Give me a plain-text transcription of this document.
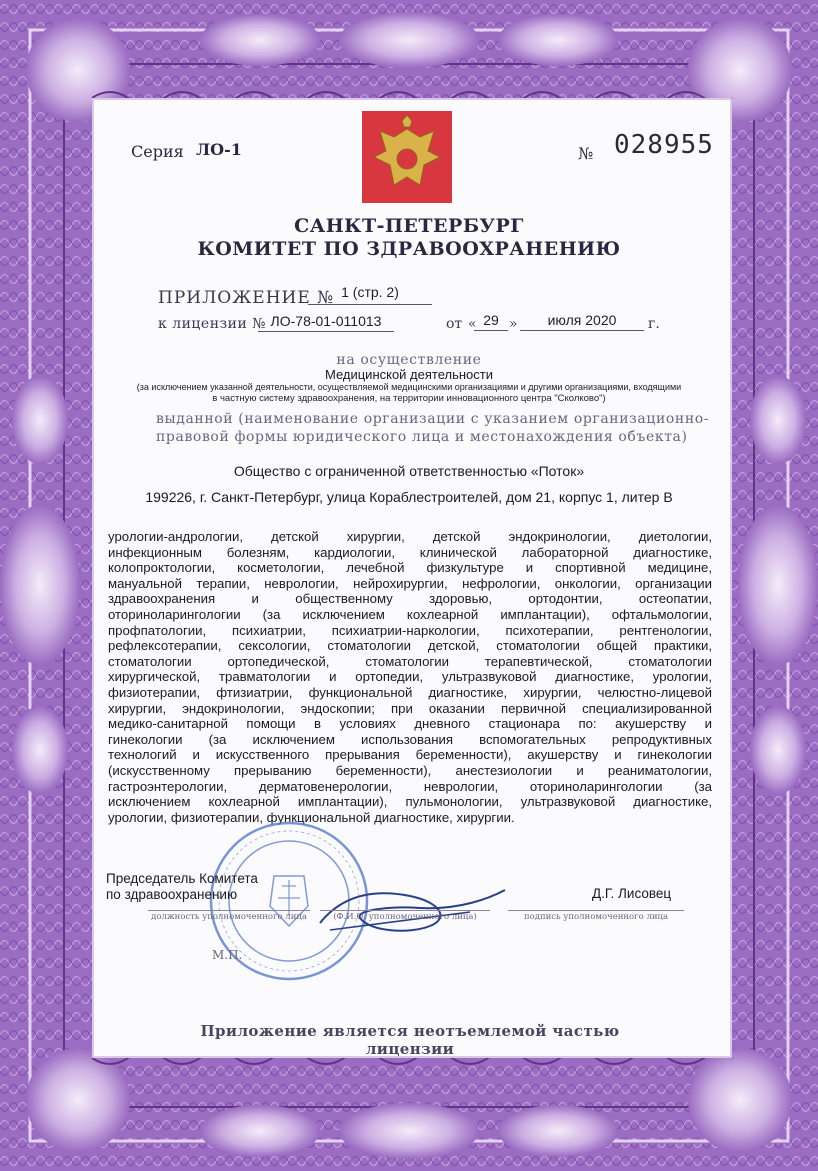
Серия ЛО-1	№ 028955
САНКТ-ПЕТЕРБУРГ
КОМИТЕТ ПО ЗДРАВООХРАНЕНИЮ
ПРИЛОЖЕНИЕ № 1 (стр. 2)
к лицензии № ЛО-78-01-011013	от « 29 »	июля 2020	г.
на осуществление
Медицинской деятельности
(за исключением указанной деятельности, осуществляемой медицинскими организациями и другими организациями, входящими
в частную систему здравоохранения, на территории инновационного центра "Сколково")
выданной (наименование организации с указанием организационно-
правовой формы юридического лица и местонахождения объекта)
Общество с ограниченной ответственностью «Поток»
199226, г. Санкт-Петербург, улица Кораблестроителей, дом 21, корпус 1, литер В

урологии-андрологии, детской хирургии, детской эндокринологии, диетологии,

инфекционным болезням, кардиологии, клинической лабораторной диагностике,

колопроктологии, косметологии, лечебной физкультуре и спортивной медицине,

мануальной терапии, неврологии, нейрохирургии, нефрологии, онкологии, организации

здравоохранения и общественному здоровью, ортодонтии, остеопатии,

оториноларингологии (за исключением кохлеарной имплантации), офтальмологии,

профпатологии, психиатрии, психиатрии-наркологии, психотерапии, рентгенологии,

рефлексотерапии, сексологии, стоматологии детской, стоматологии общей практики,

стоматологии ортопедической, стоматологии терапевтической, стоматологии

хирургической, травматологии и ортопедии, ультразвуковой диагностике, урологии,

физиотерапии, фтизиатрии, функциональной диагностике, хирургии, челюстно-лицевой

хирургии, эндокринологии, эндоскопии; при оказании первичной специализированной

медико-санитарной помощи в условиях дневного стационара по: акушерству и

гинекологии (за исключением использования вспомогательных репродуктивных

технологий и искусственного прерывания беременности), акушерству и гинекологии

(искусственному прерыванию беременности), анестезиологии и реаниматологии,

гастроэнтерологии, дерматовенерологии, неврологии, оториноларингологии (за

исключением кохлеарной имплантации), пульмонологии, ультразвуковой диагностике,

урологии, физиотерапии, функциональной диагностике, хирургии.

Председатель Комитета
по здравоохранению	Д.Г. Лисовец
должность уполномоченного лица	(Ф.И.О. уполномоченного лица)	подпись уполномоченного лица
М.П.
Приложение является неотъемлемой частью лицензии
